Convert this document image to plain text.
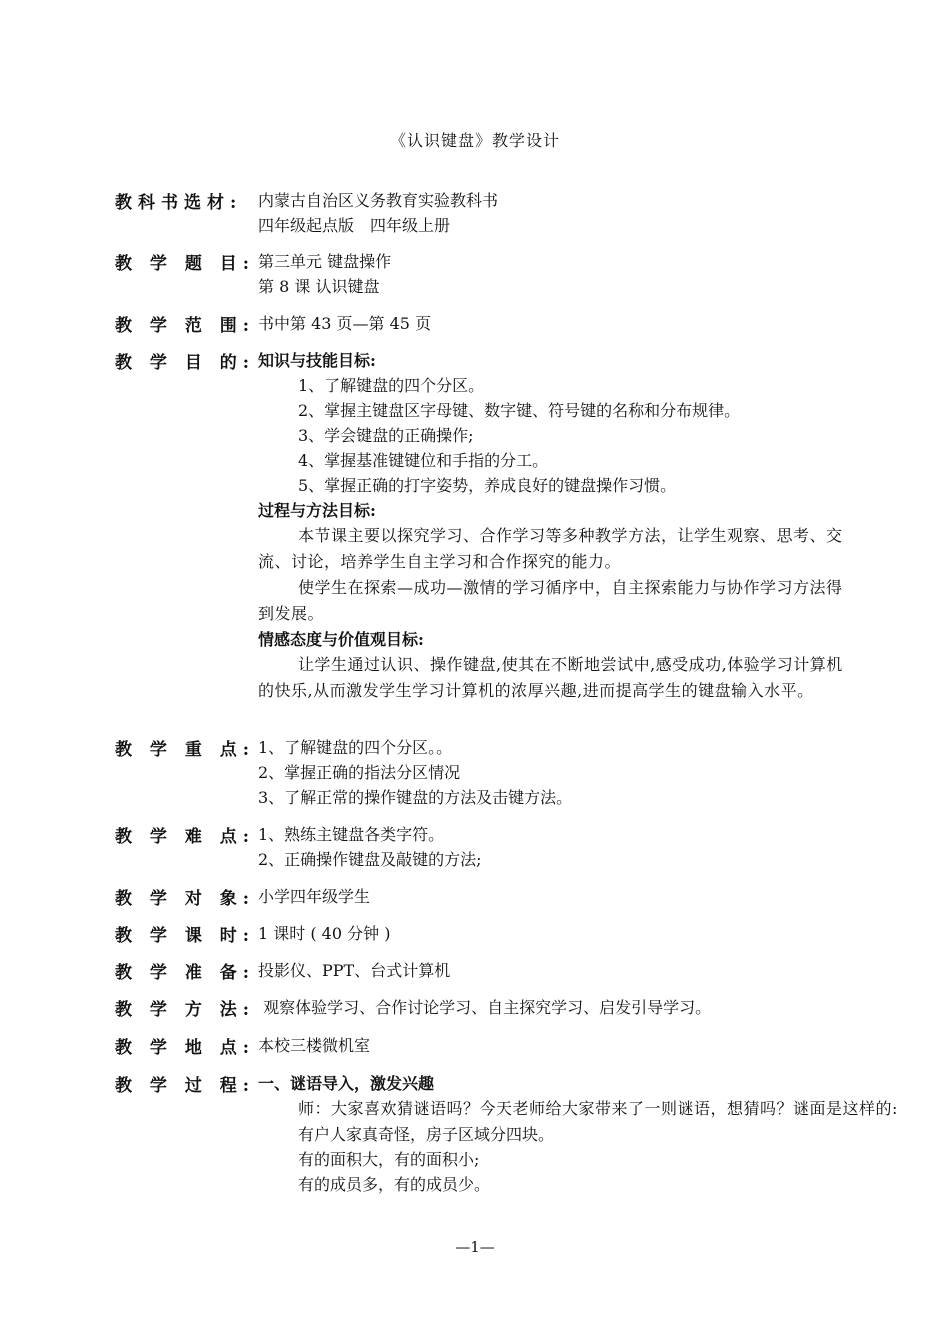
《认识键盘》教学设计
教科书选材: 内蒙古自治区义务教育实验教科书
四年级起点版　四年级上册
教 学 题 目: 第三单元 键盘操作
第 8 课 认识键盘
教 学 范 围: 书中第 43 页—第 45 页
教 学 目 的: 知识与技能目标:
1、了解键盘的四个分区。
2、掌握主键盘区字母键、数字键、符号键的名称和分布规律。
3、学会键盘的正确操作;
4、掌握基准键键位和手指的分工。
5、掌握正确的打字姿势，养成良好的键盘操作习惯。
过程与方法目标:
本节课主要以探究学习、合作学习等多种教学方法，让学生观察、思考、交流、讨论，培养学生自主学习和合作探究的能力。
使学生在探索—成功—激情的学习循序中，自主探索能力与协作学习方法得到发展。
情感态度与价值观目标:
让学生通过认识、操作键盘,使其在不断地尝试中,感受成功,体验学习计算机的快乐,从而激发学生学习计算机的浓厚兴趣,进而提高学生的键盘输入水平。
教 学 重 点: 1、了解键盘的四个分区。。
2、掌握正确的指法分区情况
3、了解正常的操作键盘的方法及击键方法。
教 学 难 点: 1、熟练主键盘各类字符。
2、正确操作键盘及敲键的方法;
教 学 对 象: 小学四年级学生
教 学 课 时: 1 课时 ( 40 分钟 )
教 学 准 备: 投影仪、PPT、台式计算机
教 学 方 法: 观察体验学习、合作讨论学习、自主探究学习、启发引导学习。
教 学 地 点: 本校三楼微机室
教 学 过 程: 一、谜语导入，激发兴趣
师：大家喜欢猜谜语吗？今天老师给大家带来了一则谜语，想猜吗？谜面是这样的:
有户人家真奇怪，房子区域分四块。
有的面积大，有的面积小;
有的成员多，有的成员少。
—1—
